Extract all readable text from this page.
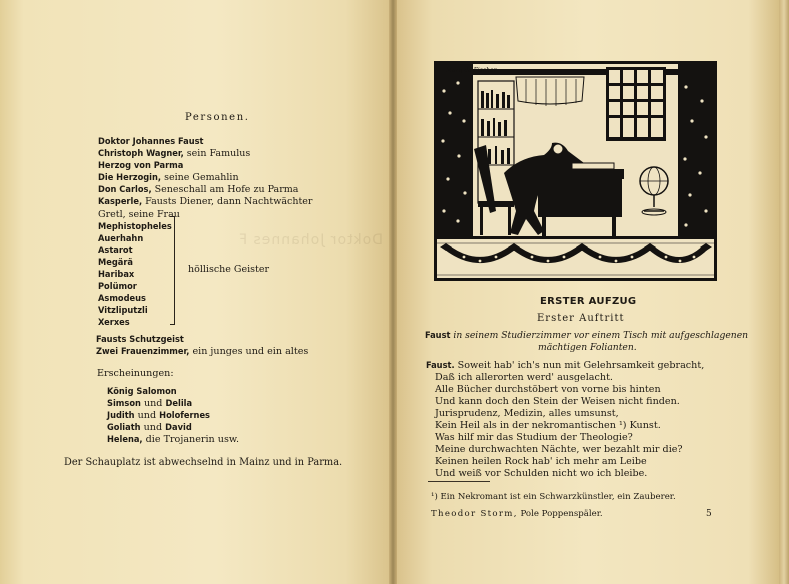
Personen.
Doktor Johannes Faust
Christoph Wagner, sein Famulus
Herzog von Parma
Die Herzogin, seine Gemahlin
Don Carlos, Seneschall am Hofe zu Parma
Kasperle, Fausts Diener, dann Nachtwächter
Gretl, seine Frau
Mephistopheles
Auerhahn
Astarot
Megärä
Haribax
Polümor
Asmodeus
Vitzliputzli
Xerxes
höllische Geister
Fausts Schutzgeist
Zwei Frauenzimmer, ein junges und ein altes
Erscheinungen:
König Salomon
Simson und Delila
Judith und Holofernes
Goliath und David
Helena, die Trojanerin usw.
Der Schauplatz ist abwechselnd in Mainz und in Parma.
Doktor Johannes F
Marg de Fischer
ERSTER AUFZUG
Erster Auftritt
Faust in seinem Studierzimmer vor einem Tisch mit aufgeschlagenen
mächtigen Folianten.
Faust. Soweit hab' ich's nun mit Gelehrsamkeit gebracht,
Daß ich allerorten werd' ausgelacht.
Alle Bücher durchstöbert von vorne bis hinten
Und kann doch den Stein der Weisen nicht finden.
Jurisprudenz, Medizin, alles umsunst,
Kein Heil als in der nekromantischen ¹) Kunst.
Was hilf mir das Studium der Theologie?
Meine durchwachten Nächte, wer bezahlt mir die?
Keinen heilen Rock hab' ich mehr am Leibe
Und weiß vor Schulden nicht wo ich bleibe.
¹) Ein Nekromant ist ein Schwarzkünstler, ein Zauberer.
Theodor Storm, Pole Poppenspäler.	5
